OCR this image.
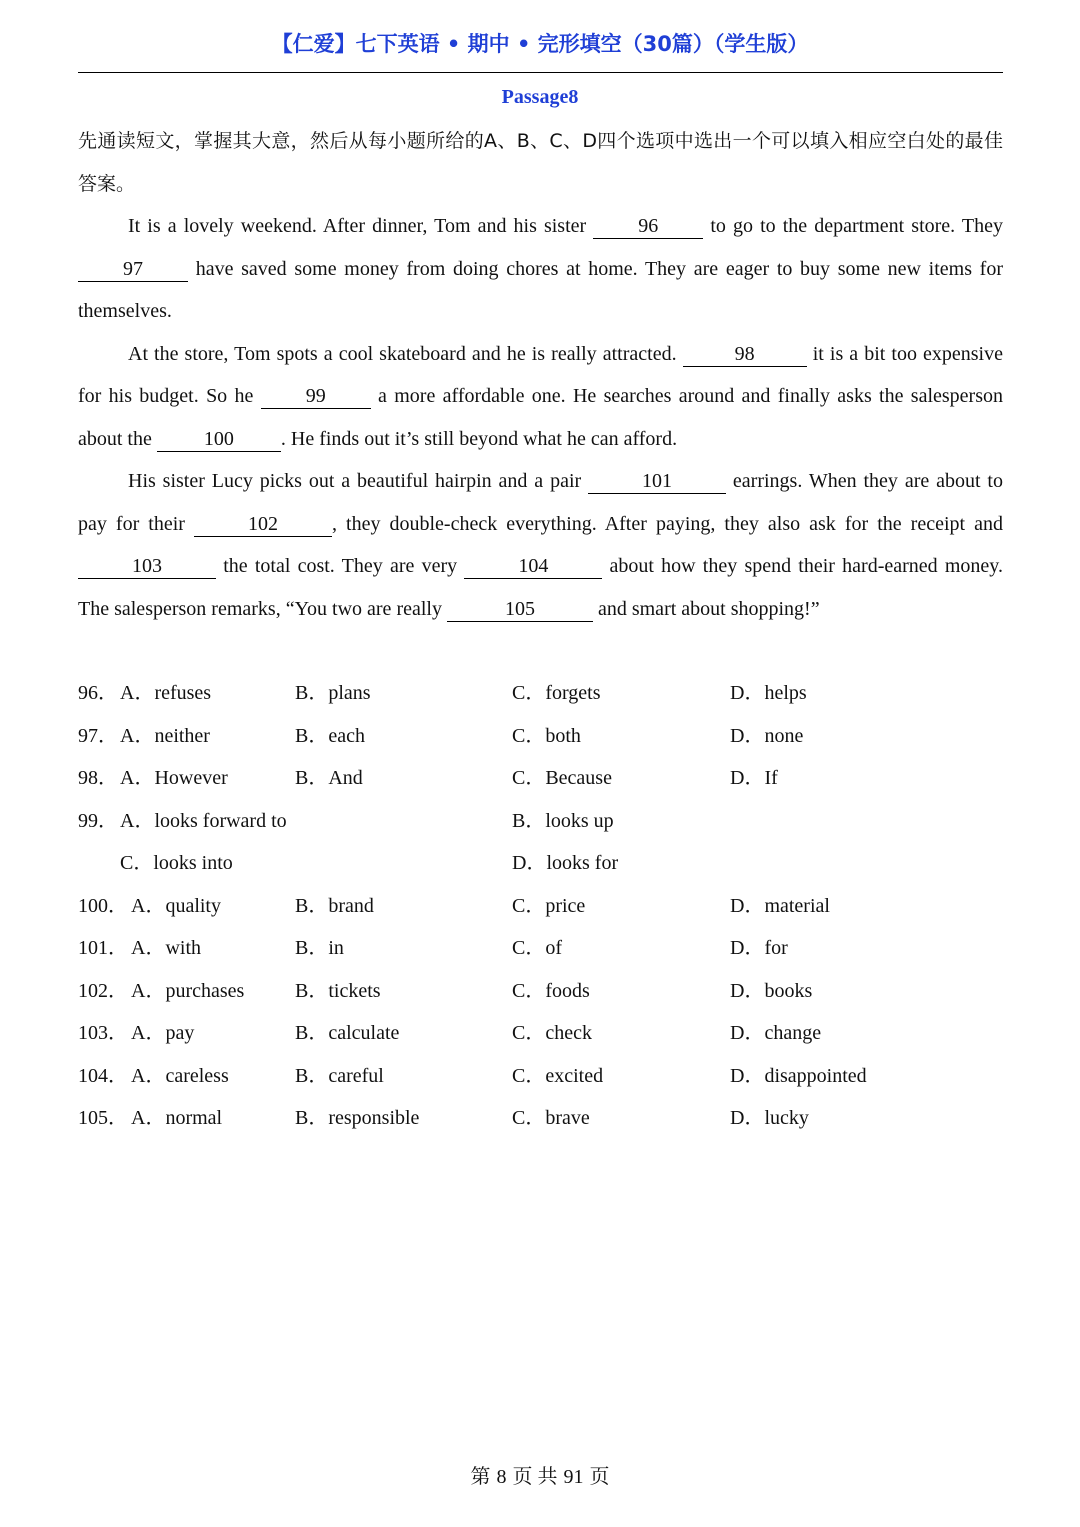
【仁爱】七下英语 • 期中 • 完形填空（30篇）（学生版）
Passage8

先通读短文，掌握其大意，然后从每小题所给的A、B、C、D四个选项中选出一个可以填入相应空白处的最佳答案。

It is a lovely weekend. After dinner, Tom and his sister 96 to go to the department store. They 97 have saved some money from doing chores at home. They are eager to buy some new items for themselves.

At the store, Tom spots a cool skateboard and he is really attracted.	98	it is a bit too expensive for his budget. So he 99 a more affordable one. He searches around and finally asks the salesperson about the 100 . He finds out it’s still beyond what he can afford.

His sister Lucy picks out a beautiful hairpin and a pair	101	earrings. When they are about to pay for their	102	, they double-check everything. After paying, they also ask for the receipt and 103	the total cost. They are very	104	about how they spend their hard-earned money. The salesperson remarks, “You two are really	105	and smart about shopping!”

96． A．refuses	B．plans	C．forgets	D．helps
97． A．neither	B．each	C．both	D．none
98． A．However	B．And	C．Because	D．If
99． A．looks forward to	B．looks up
C．looks into	D．looks for
100． A．quality	B．brand	C．price	D．material
101． A．with	B．in	C．of	D．for
102． A．purchases	B．tickets	C．foods	D．books
103． A．pay	B．calculate	C．check	D．change
104． A．careless	B．careful	C．excited	D．disappointed
105． A．normal	B．responsible	C．brave	D．lucky
第 8 页 共 91 页
